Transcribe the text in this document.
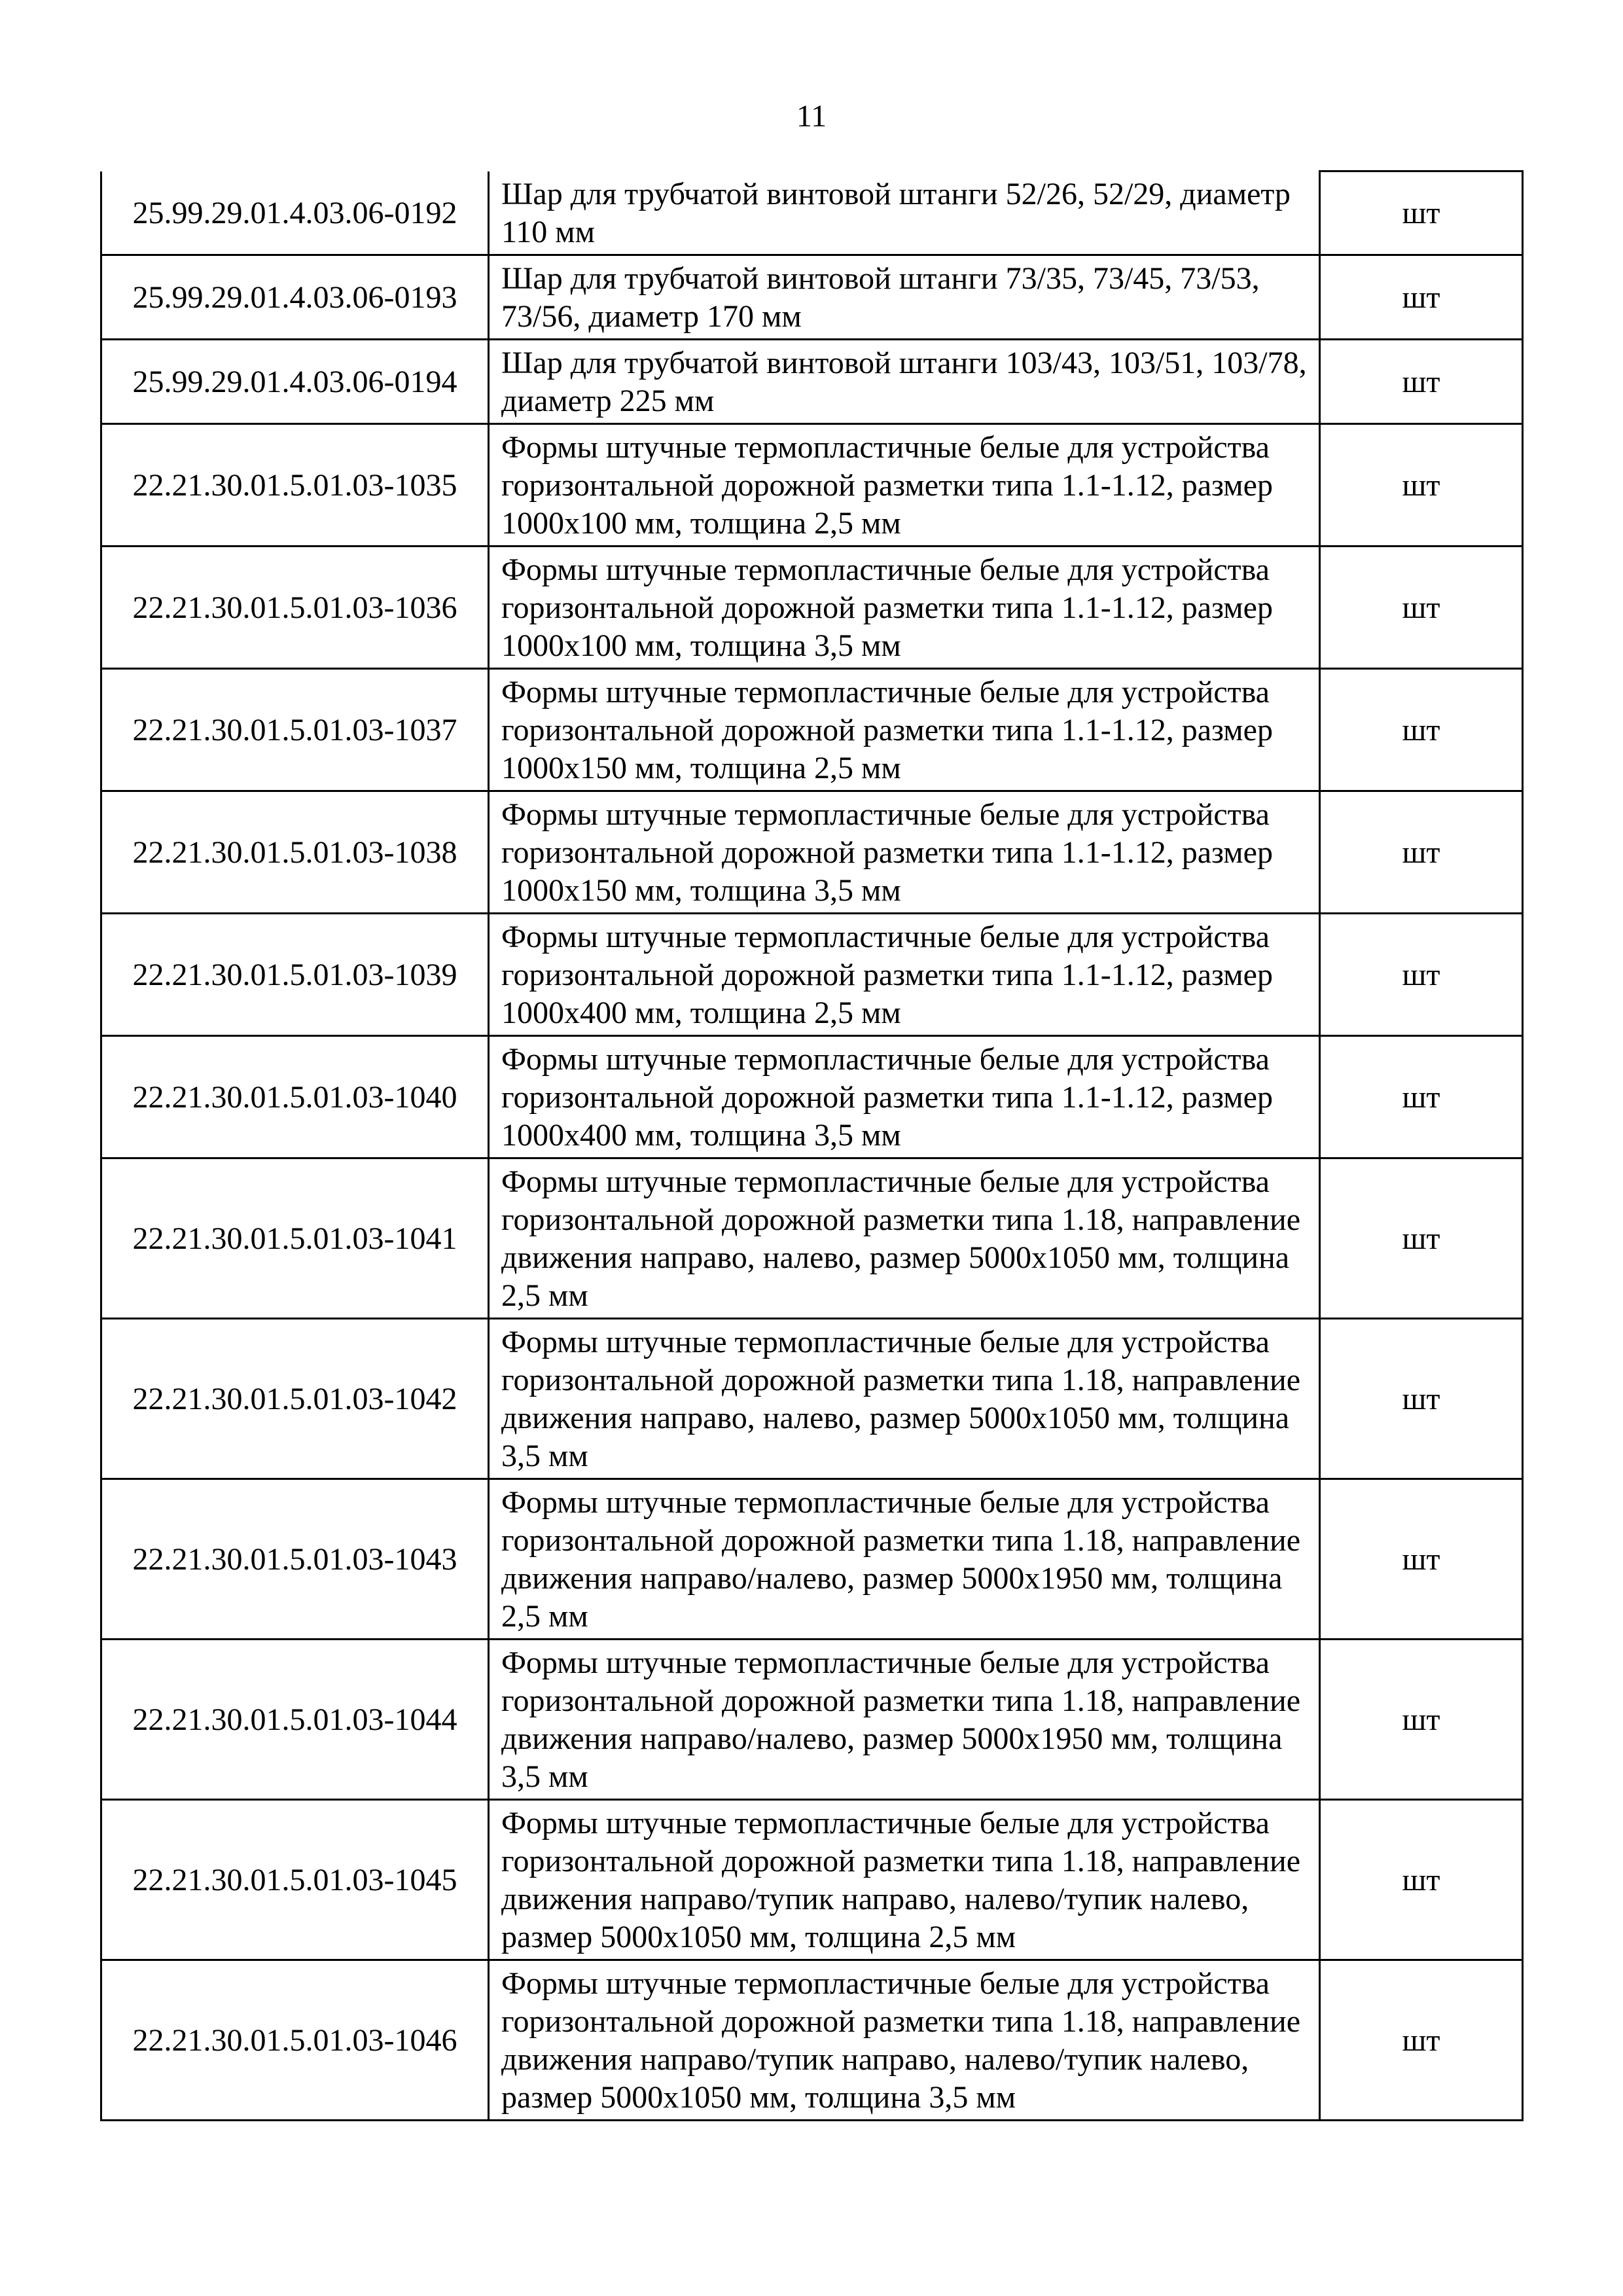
11
25.99.29.01.4.03.06-0192	Шар для трубчатой винтовой штанги 52/26, 52/29, диаметр 110 мм	шт
25.99.29.01.4.03.06-0193	Шар для трубчатой винтовой штанги 73/35, 73/45, 73/53, 73/56, диаметр 170 мм	шт
25.99.29.01.4.03.06-0194	Шар для трубчатой винтовой штанги 103/43, 103/51, 103/78, диаметр 225 мм	шт
22.21.30.01.5.01.03-1035	Формы штучные термопластичные белые для устройства горизонтальной дорожной разметки типа 1.1-1.12, размер 1000x100 мм, толщина 2,5 мм	шт
22.21.30.01.5.01.03-1036	Формы штучные термопластичные белые для устройства горизонтальной дорожной разметки типа 1.1-1.12, размер 1000x100 мм, толщина 3,5 мм	шт
22.21.30.01.5.01.03-1037	Формы штучные термопластичные белые для устройства горизонтальной дорожной разметки типа 1.1-1.12, размер 1000x150 мм, толщина 2,5 мм	шт
22.21.30.01.5.01.03-1038	Формы штучные термопластичные белые для устройства горизонтальной дорожной разметки типа 1.1-1.12, размер 1000x150 мм, толщина 3,5 мм	шт
22.21.30.01.5.01.03-1039	Формы штучные термопластичные белые для устройства горизонтальной дорожной разметки типа 1.1-1.12, размер 1000x400 мм, толщина 2,5 мм	шт
22.21.30.01.5.01.03-1040	Формы штучные термопластичные белые для устройства горизонтальной дорожной разметки типа 1.1-1.12, размер 1000x400 мм, толщина 3,5 мм	шт
22.21.30.01.5.01.03-1041	Формы штучные термопластичные белые для устройства горизонтальной дорожной разметки типа 1.18, направление движения направо, налево, размер 5000x1050 мм, толщина 2,5 мм	шт
22.21.30.01.5.01.03-1042	Формы штучные термопластичные белые для устройства горизонтальной дорожной разметки типа 1.18, направление движения направо, налево, размер 5000x1050 мм, толщина 3,5 мм	шт
22.21.30.01.5.01.03-1043	Формы штучные термопластичные белые для устройства горизонтальной дорожной разметки типа 1.18, направление движения направо/налево, размер 5000x1950 мм, толщина 2,5 мм	шт
22.21.30.01.5.01.03-1044	Формы штучные термопластичные белые для устройства горизонтальной дорожной разметки типа 1.18, направление движения направо/налево, размер 5000x1950 мм, толщина 3,5 мм	шт
22.21.30.01.5.01.03-1045	Формы штучные термопластичные белые для устройства горизонтальной дорожной разметки типа 1.18, направление движения направо/тупик направо, налево/тупик налево, размер 5000x1050 мм, толщина 2,5 мм	шт
22.21.30.01.5.01.03-1046	Формы штучные термопластичные белые для устройства горизонтальной дорожной разметки типа 1.18, направление движения направо/тупик направо, налево/тупик налево, размер 5000x1050 мм, толщина 3,5 мм	шт
